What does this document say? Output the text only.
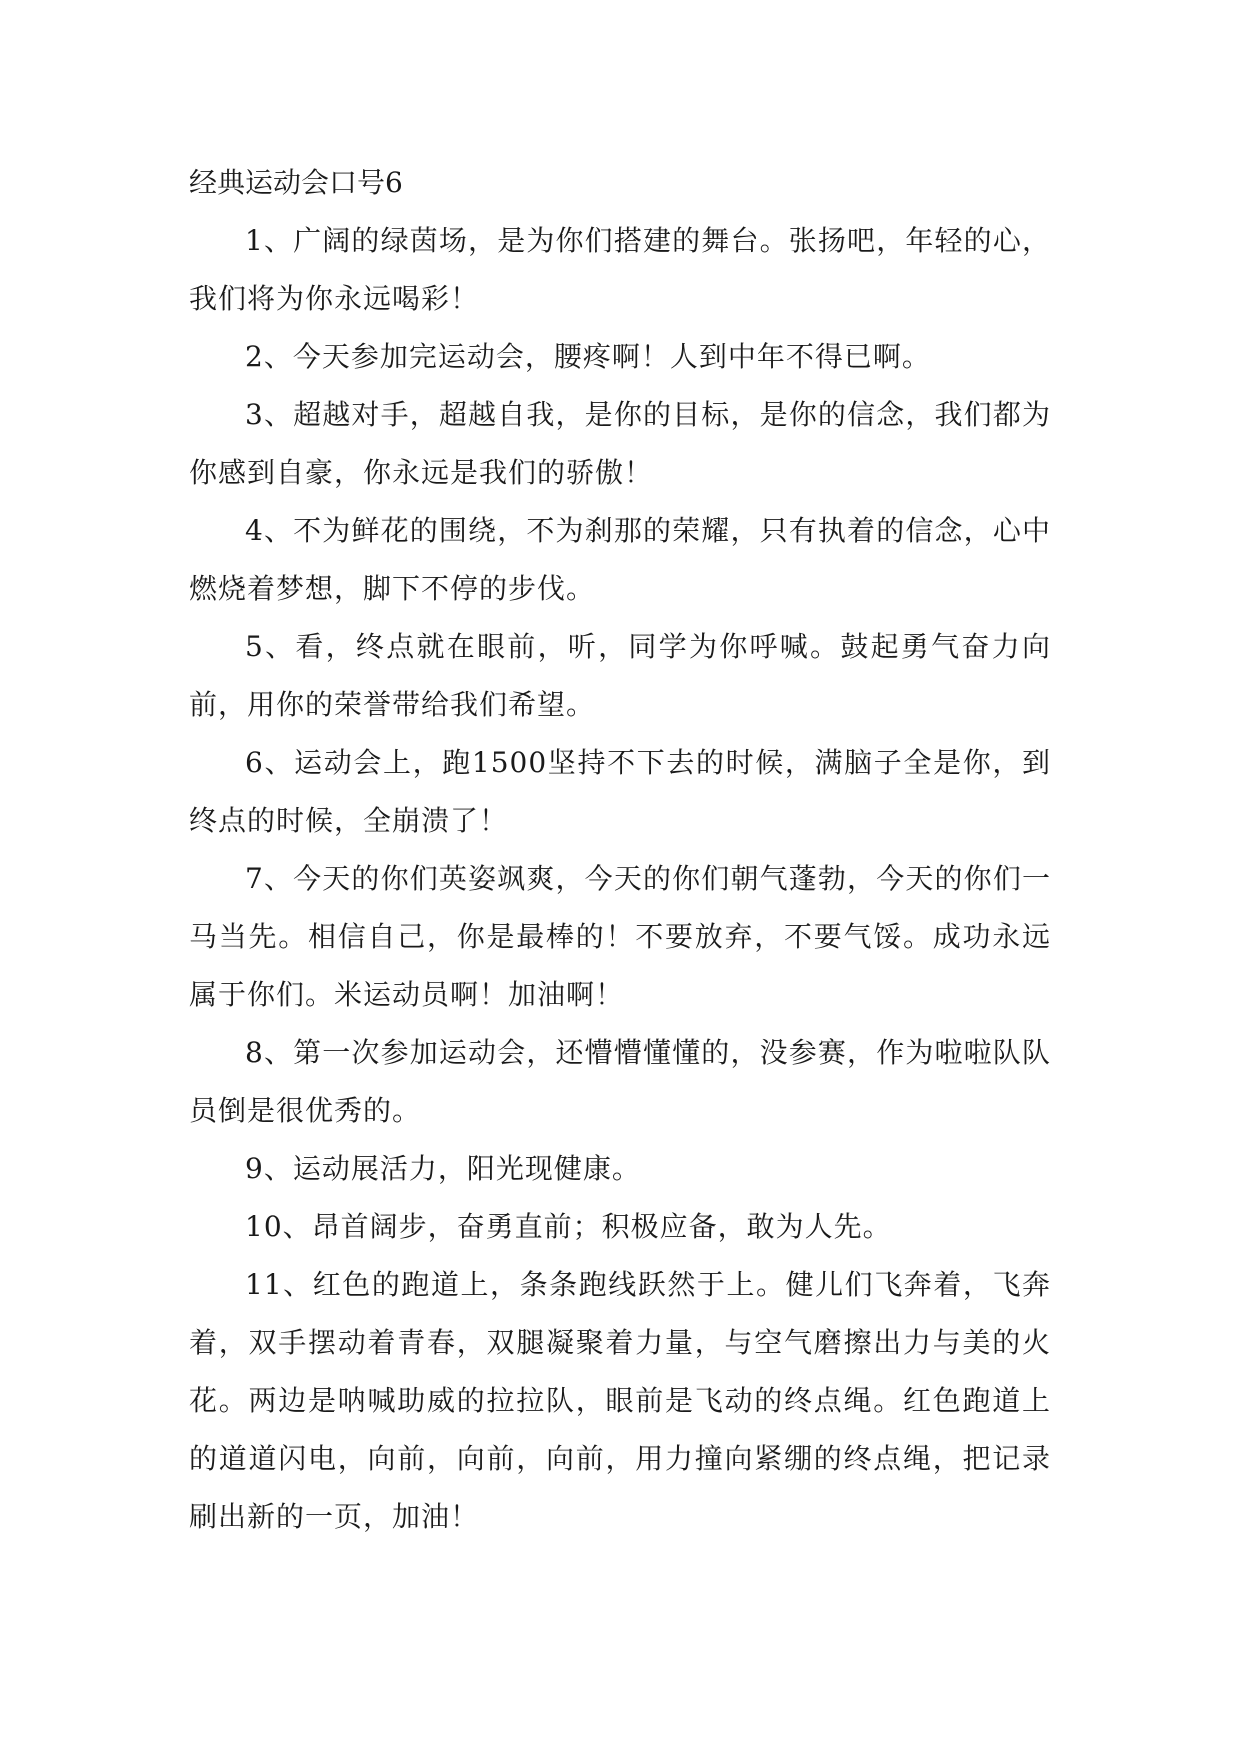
经典运动会口号6

1、广阔的绿茵场，是为你们搭建的舞台。张扬吧，年轻的心，我们将为你永远喝彩！

2、今天参加完运动会，腰疼啊！人到中年不得已啊。

3、超越对手，超越自我，是你的目标，是你的信念，我们都为你感到自豪，你永远是我们的骄傲！

4、不为鲜花的围绕，不为刹那的荣耀，只有执着的信念，心中燃烧着梦想，脚下不停的步伐。

5、看，终点就在眼前，听，同学为你呼喊。鼓起勇气奋力向前，用你的荣誉带给我们希望。

6、运动会上，跑1500坚持不下去的时候，满脑子全是你，到终点的时候，全崩溃了！

7、今天的你们英姿飒爽，今天的你们朝气蓬勃，今天的你们一马当先。相信自己，你是最棒的！不要放弃，不要气馁。成功永远属于你们。米运动员啊！加油啊！

8、第一次参加运动会，还懵懵懂懂的，没参赛，作为啦啦队队员倒是很优秀的。

9、运动展活力，阳光现健康。

10、昂首阔步，奋勇直前；积极应备，敢为人先。

11、红色的跑道上，条条跑线跃然于上。健儿们飞奔着，飞奔着，双手摆动着青春，双腿凝聚着力量，与空气磨擦出力与美的火花。两边是呐喊助威的拉拉队，眼前是飞动的终点绳。红色跑道上的道道闪电，向前，向前，向前，用力撞向紧绷的终点绳，把记录刷出新的一页，加油！
